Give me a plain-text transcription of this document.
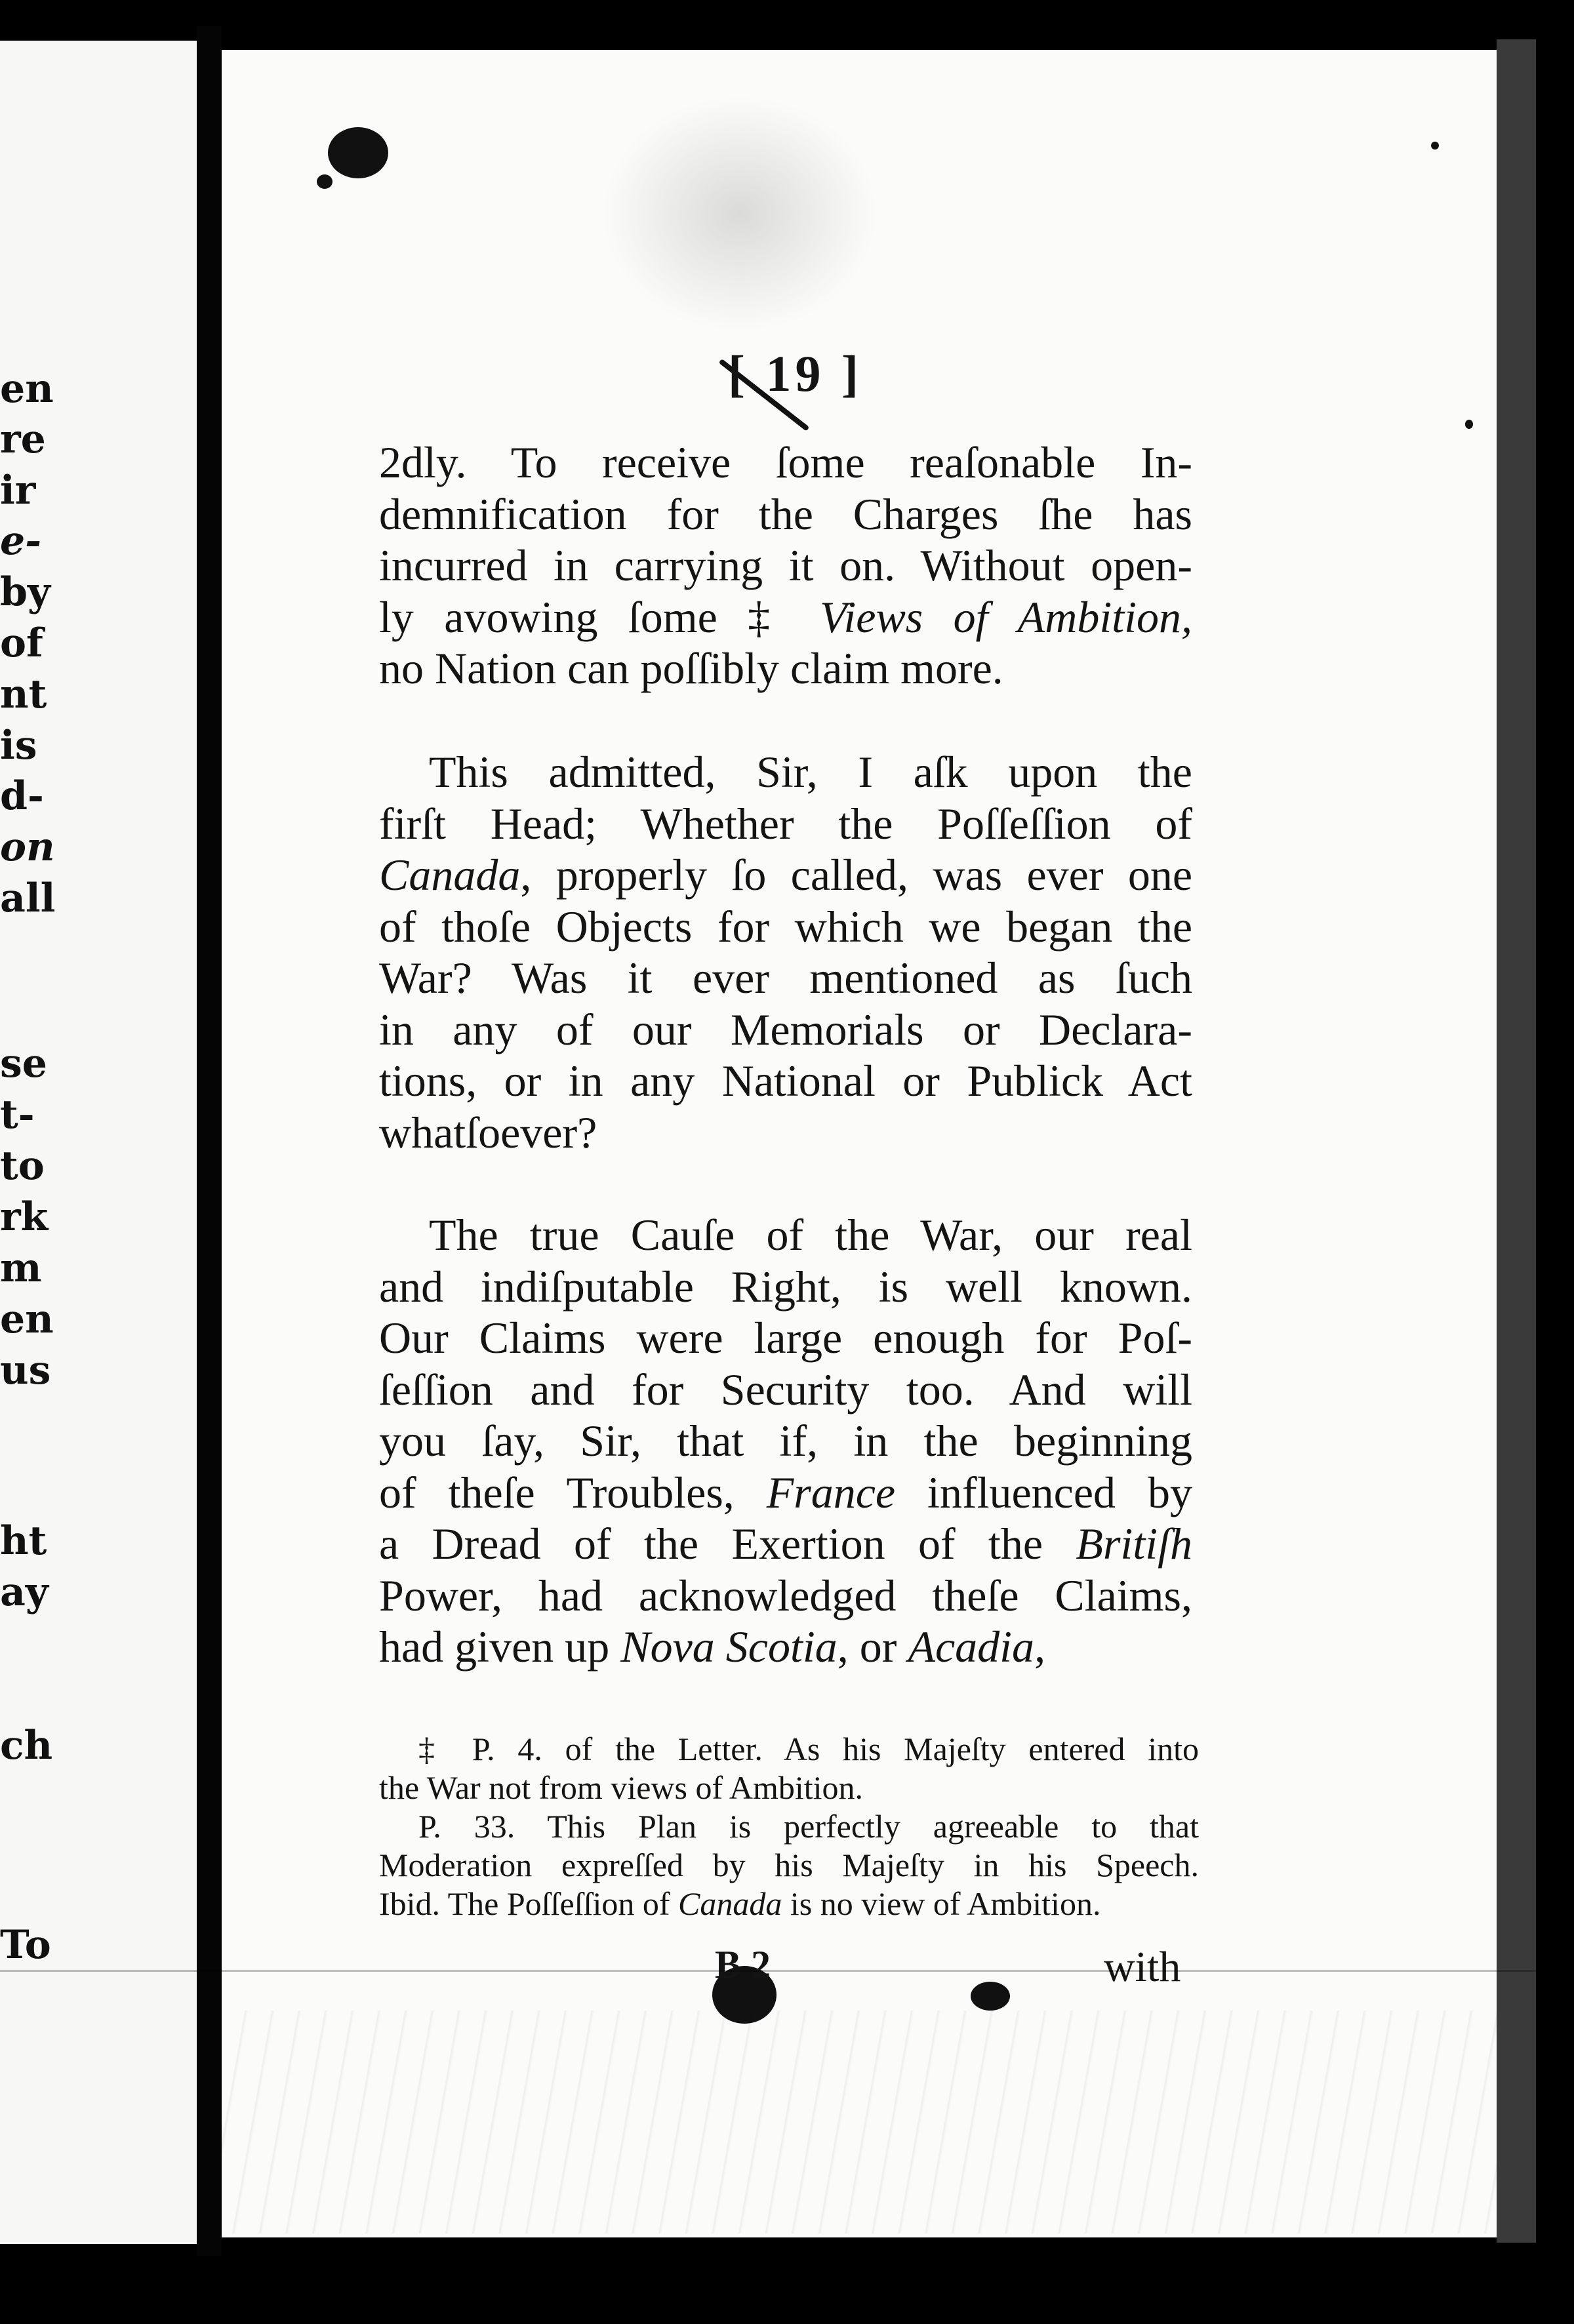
en
re
ir
e-
by
of
nt
is
d-
on
all
se
t-
to
rk
m
en
us
ht
ay
ch
To
[ 19 ]
2dly. To receive ſome reaſonable In-
demnification for the Charges ſhe has
incurred in carrying it on. Without open-
ly avowing ſome ‡ Views of Ambition,
no Nation can poſſibly claim more.
This admitted, Sir, I aſk upon the
firſt Head; Whether the Poſſeſſion of
Canada, properly ſo called, was ever one
of thoſe Objects for which we began the
War? Was it ever mentioned as ſuch
in any of our Memorials or Declara-
tions, or in any National or Publick Act
whatſoever?
The true Cauſe of the War, our real
and indiſputable Right, is well known.
Our Claims were large enough for Poſ-
ſeſſion and for Security too. And will
you ſay, Sir, that if, in the beginning
of theſe Troubles, France influenced by
a Dread of the Exertion of the Britiſh
Power, had acknowledged theſe Claims,
had given up Nova Scotia, or Acadia,
‡ P. 4. of the Letter. As his Majeſty entered into
the War not from views of Ambition.
P. 33. This Plan is perfectly agreeable to that
Moderation expreſſed by his Majeſty in his Speech.
Ibid. The Poſſeſſion of Canada is no view of Ambition.
B 2	with
